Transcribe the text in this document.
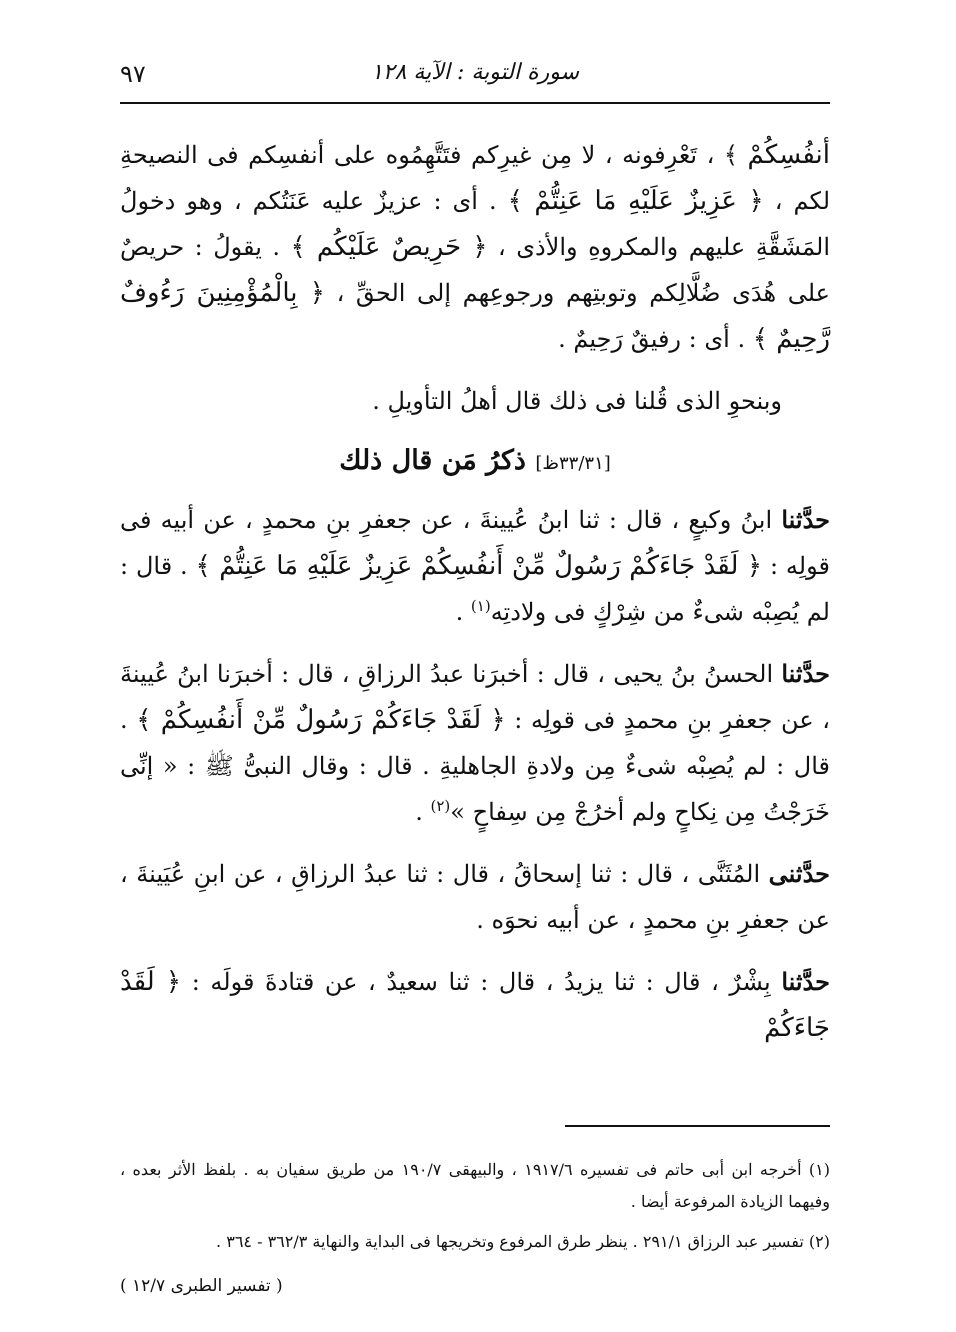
٩٧	سورة التوبة : الآية ١٢٨

أنفُسِكُمْ ﴾ ، تَعْرِفونه ، لا مِن غيرِكم فتَتَّهِمُوه على أنفسِكم فى النصيحةِ لكم ، ﴿ عَزِيزٌ عَلَيْهِ مَا عَنِتُّمْ ﴾ . أى : عزيزٌ عليه عَنَتُكم ، وهو دخولُ المَشَقَّةِ عليهم والمكروهِ والأذى ، ﴿ حَرِيصٌ عَلَيْكُم ﴾ . يقولُ : حريصٌ على هُدَى ضُلَّالِكم وتوبتِهم ورجوعِهم إلى الحقِّ ، ﴿ بِالْمُؤْمِنِينَ رَءُوفٌ رَّحِيمٌ ﴾ . أى : رفيقٌ رَحِيمٌ .

وبنحوِ الذى قُلنا فى ذلك قال أهلُ التأويلِ .

[٣٣/٣١ظ] ذكرُ مَن قال ذلك

حدَّثنا ابنُ وكيعٍ ، قال : ثنا ابنُ عُيينةَ ، عن جعفرِ بنِ محمدٍ ، عن أبيه فى قولِه : ﴿ لَقَدْ جَاءَكُمْ رَسُولٌ مِّنْ أَنفُسِكُمْ عَزِيزٌ عَلَيْهِ مَا عَنِتُّمْ ﴾ . قال : لم يُصِبْه شىءٌ من شِرْكٍ فى ولادتِه$^{(١)}$ .

حدَّثنا الحسنُ بنُ يحيى ، قال : أخبرَنا عبدُ الرزاقِ ، قال : أخبرَنا ابنُ عُيينةَ ، عن جعفرِ بنِ محمدٍ فى قولِه : ﴿ لَقَدْ جَاءَكُمْ رَسُولٌ مِّنْ أَنفُسِكُمْ ﴾ . قال : لم يُصِبْه شىءٌ مِن ولادةِ الجاهليةِ . قال : وقال النبىُّ ﷺ : « إنِّى خَرَجْتُ مِن نِكاحٍ ولم أخرُجْ مِن سِفاحٍ »$^{(٢)}$ .

حدَّثنى المُثَنَّى ، قال : ثنا إسحاقُ ، قال : ثنا عبدُ الرزاقِ ، عن ابنِ عُيَينةَ ، عن جعفرِ بنِ محمدٍ ، عن أبيه نحوَه .

حدَّثنا بِشْرٌ ، قال : ثنا يزيدُ ، قال : ثنا سعيدٌ ، عن قتادةَ قولَه : ﴿ لَقَدْ جَاءَكُمْ

(١) أخرجه ابن أبى حاتم فى تفسيره ١٩١٧/٦ ، والبيهقى ١٩٠/٧ من طريق سفيان به . بلفظ الأثر بعده ، وفيهما الزيادة المرفوعة أيضا .

(٢) تفسير عبد الرزاق ٢٩١/١ . ينظر طرق المرفوع وتخريجها فى البداية والنهاية ٣٦٢/٣ - ٣٦٤ .

( تفسير الطبرى ١٢/٧ )
